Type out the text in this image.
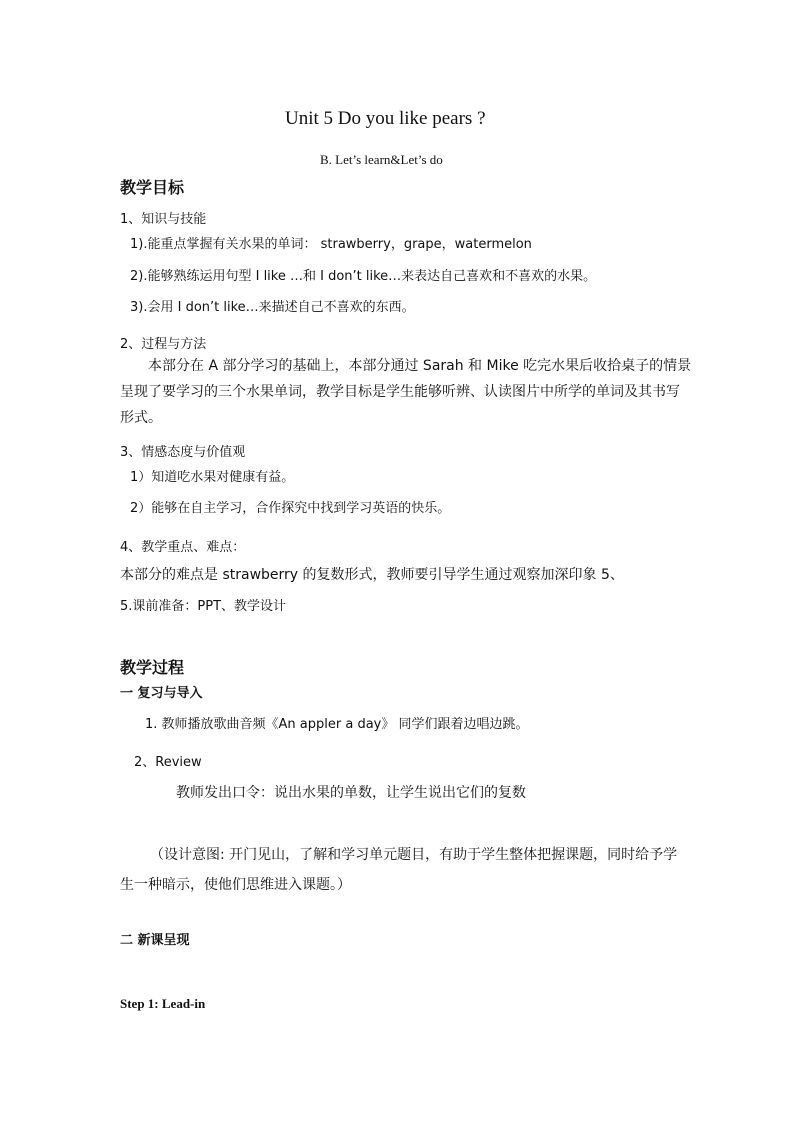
Unit 5 Do you like pears ?
B. Let’s learn&Let’s do
教学目标
1、知识与技能
1).能重点掌握有关水果的单词： strawberry，grape，watermelon
2).能够熟练运用句型 I like …和 I don’t like…来表达自己喜欢和不喜欢的水果。
3).会用 I don’t like…来描述自己不喜欢的东西。
2、过程与方法
本部分在 A 部分学习的基础上，本部分通过 Sarah 和 Mike 吃完水果后收拾桌子的情景
呈现了要学习的三个水果单词，教学目标是学生能够听辨、认读图片中所学的单词及其书写
形式。
3、情感态度与价值观
1）知道吃水果对健康有益。
2）能够在自主学习，合作探究中找到学习英语的快乐。
4、教学重点、难点：
本部分的难点是 strawberry 的复数形式，教师要引导学生通过观察加深印象 5、
5.课前准备：PPT、教学设计
教学过程
一 复习与导入
1. 教师播放歌曲音频《An appler a day》 同学们跟着边唱边跳。
2、Review
教师发出口令：说出水果的单数，让学生说出它们的复数
（设计意图: 开门见山，了解和学习单元题目，有助于学生整体把握课题，同时给予学
生一种暗示，使他们思维进入课题。）
二 新课呈现
Step 1: Lead-in
